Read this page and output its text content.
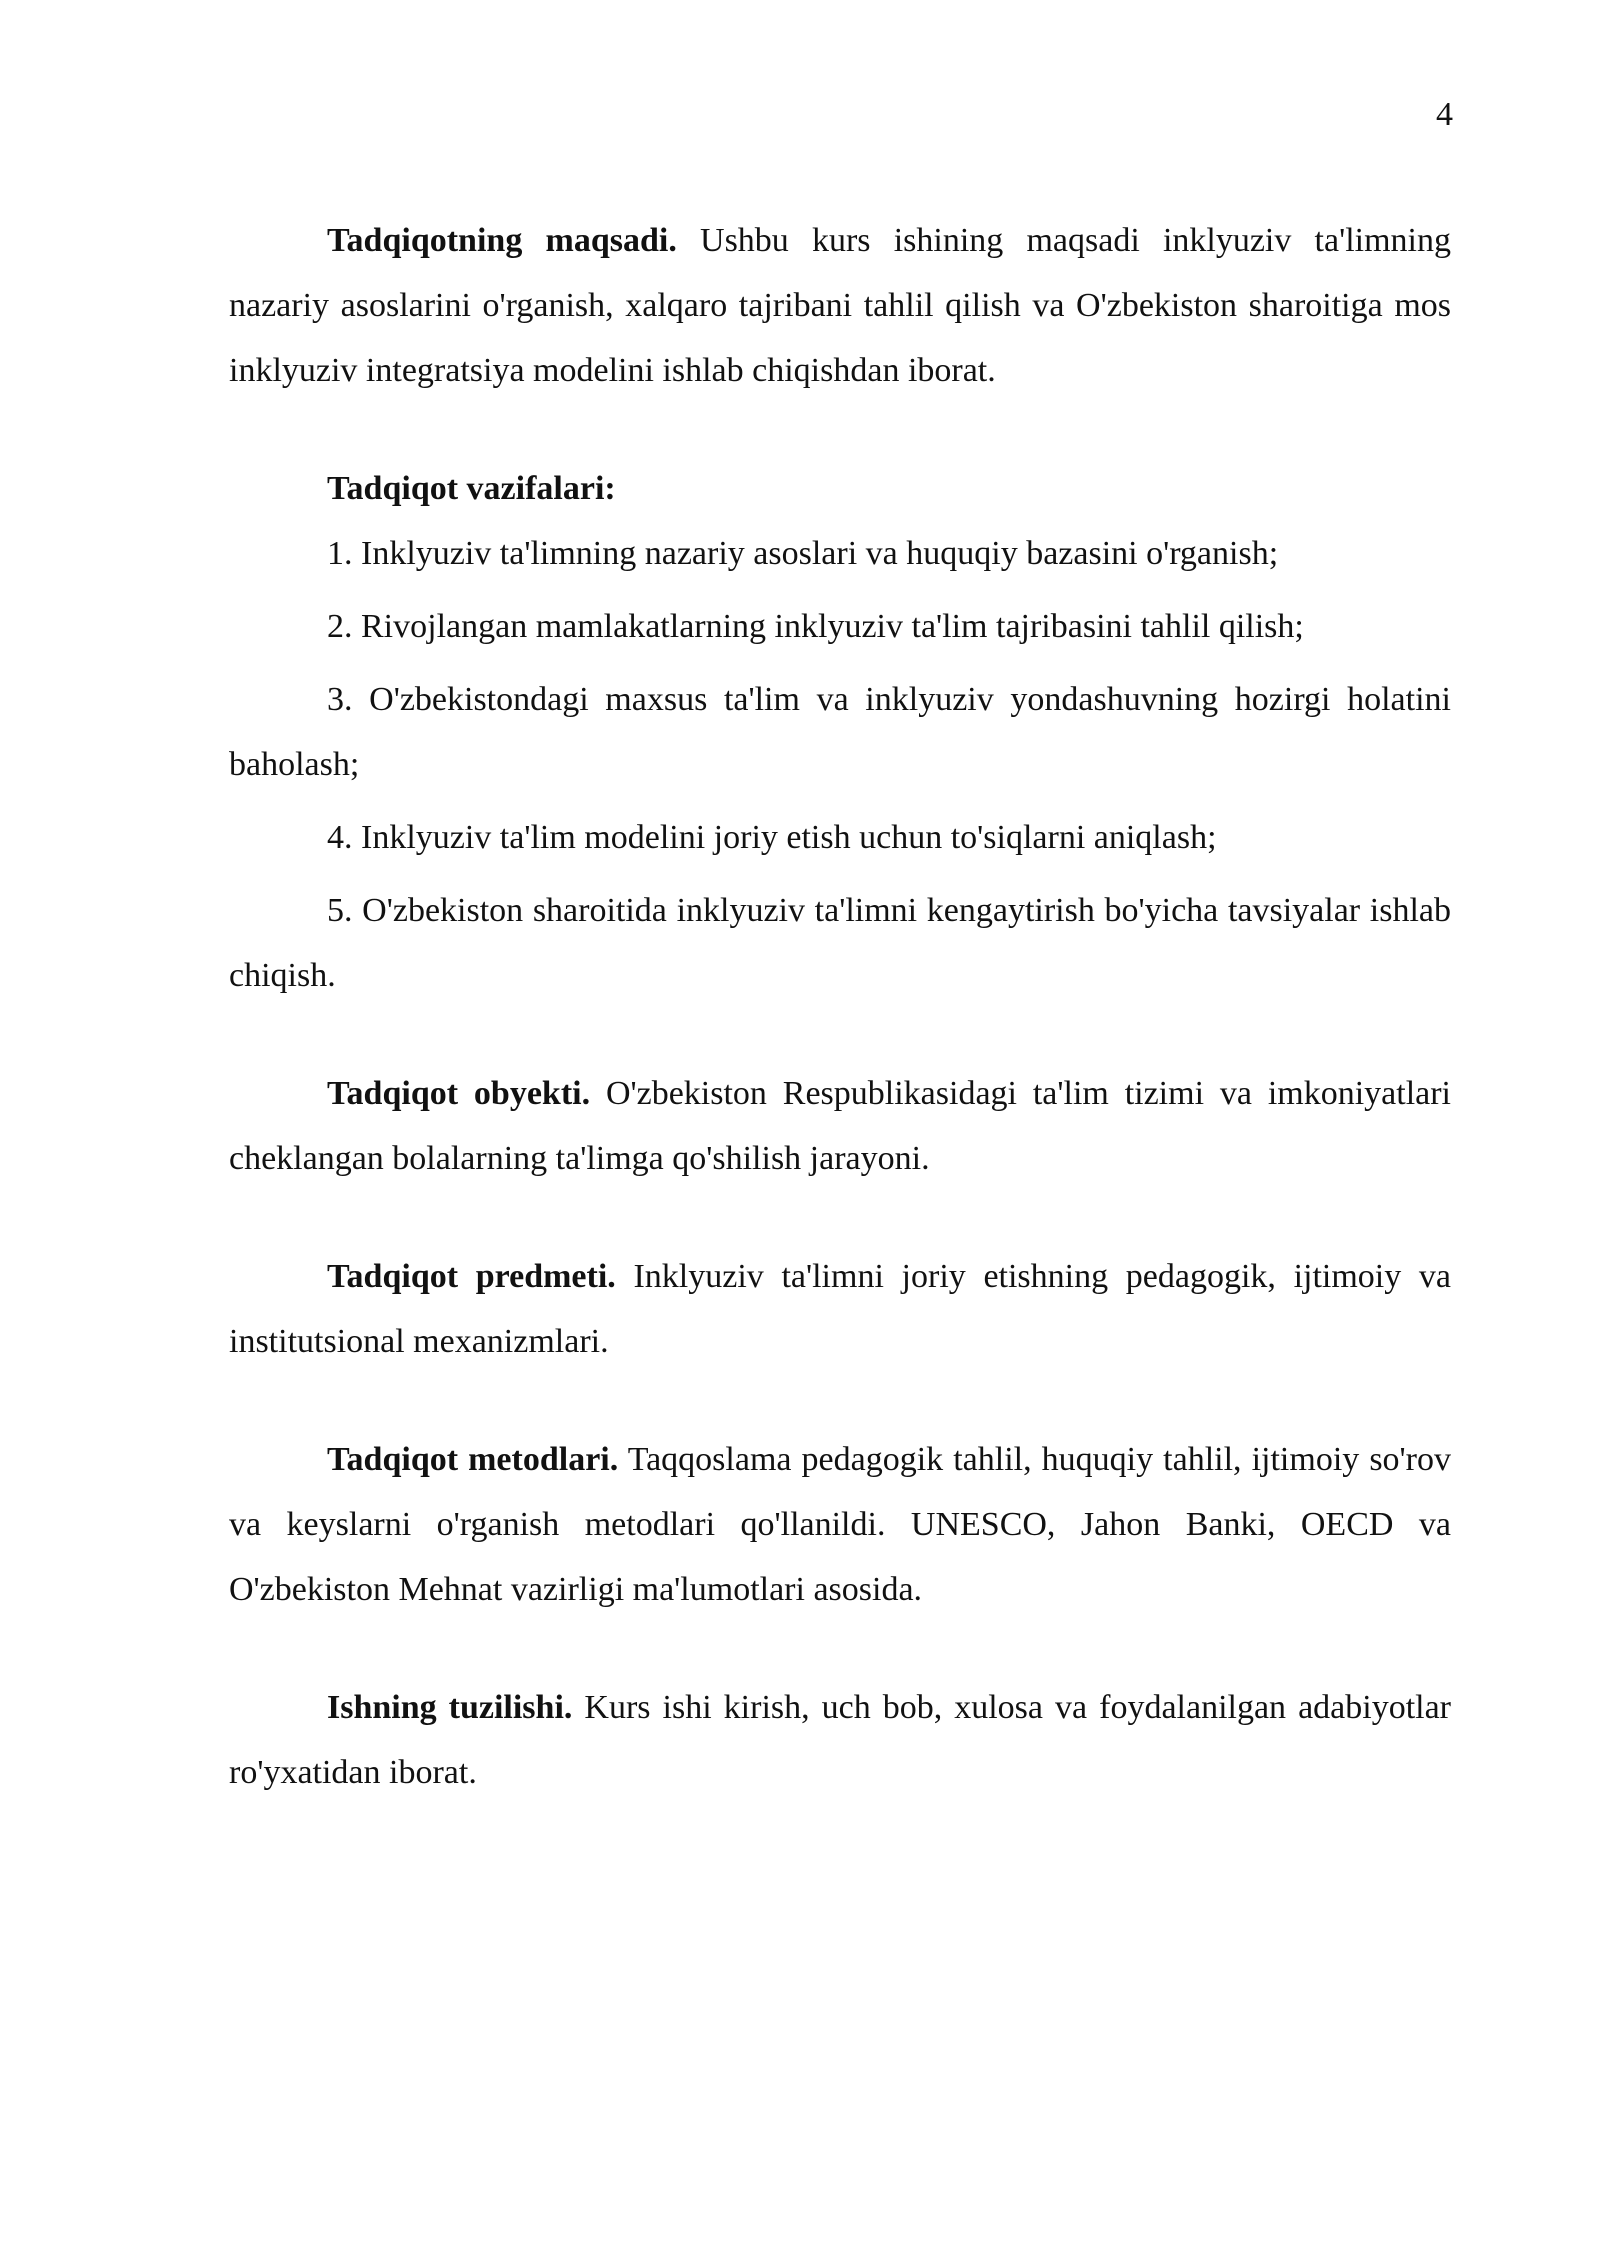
4

Tadqiqotning maqsadi. Ushbu kurs ishining maqsadi inklyuziv ta'limning nazariy asoslarini o'rganish, xalqaro tajribani tahlil qilish va O'zbekiston sharoitiga mos inklyuziv integratsiya modelini ishlab chiqishdan iborat.

Tadqiqot vazifalari:

1. Inklyuziv ta'limning nazariy asoslari va huquqiy bazasini o'rganish;

2. Rivojlangan mamlakatlarning inklyuziv ta'lim tajribasini tahlil qilish;

3. O'zbekistondagi maxsus ta'lim va inklyuziv yondashuvning hozirgi holatini baholash;

4. Inklyuziv ta'lim modelini joriy etish uchun to'siqlarni aniqlash;

5. O'zbekiston sharoitida inklyuziv ta'limni kengaytirish bo'yicha tavsiyalar ishlab chiqish.

Tadqiqot obyekti. O'zbekiston Respublikasidagi ta'lim tizimi va imkoniyatlari cheklangan bolalarning ta'limga qo'shilish jarayoni.

Tadqiqot predmeti. Inklyuziv ta'limni joriy etishning pedagogik, ijtimoiy va institutsional mexanizmlari.

Tadqiqot metodlari. Taqqoslama pedagogik tahlil, huquqiy tahlil, ijtimoiy so'rov va keyslarni o'rganish metodlari qo'llanildi. UNESCO, Jahon Banki, OECD va O'zbekiston Mehnat vazirligi ma'lumotlari asosida.

Ishning tuzilishi. Kurs ishi kirish, uch bob, xulosa va foydalanilgan adabiyotlar ro'yxatidan iborat.
